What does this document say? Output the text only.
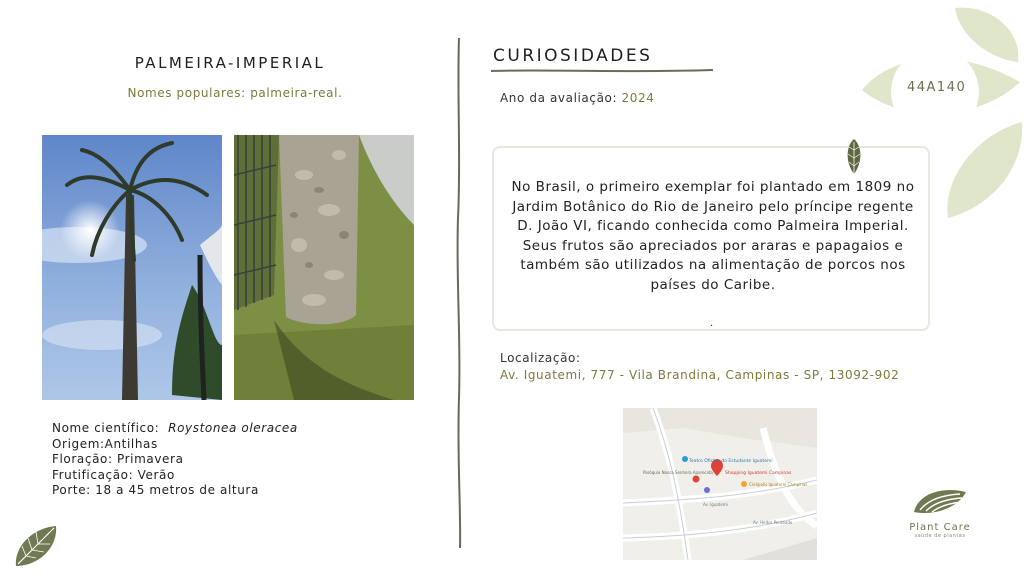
44A140
PALMEIRA-IMPERIAL
Nomes populares: palmeira-real.
Nome científico: Roystonea oleracea
Origem:Antilhas
Floração: Primavera
Frutificação: Verão
Porte: 18 a 45 metros de altura
CURIOSIDADES
Ano da avaliação: 2024
No Brasil, o primeiro exemplar foi plantado em 1809 no Jardim Botânico do Rio de Janeiro pelo príncipe regente D. João VI, ficando conhecida como Palmeira Imperial. Seus frutos são apreciados por araras e papagaios e também são utilizados na alimentação de porcos nos países do Caribe.
.
Localização:
Av. Iguatemi, 777 - Vila Brandina, Campinas - SP, 13092-902
Teatro Oficina do Estudante Iguatemi
Shopping Iguatemi Campinas
Paróquia Nossa Senhora Aparecida
Cinépolis Iguatemi Campinas
Av. Iguatemi
Av. Heitor Penteado	Plant Care
saúde de plantas
